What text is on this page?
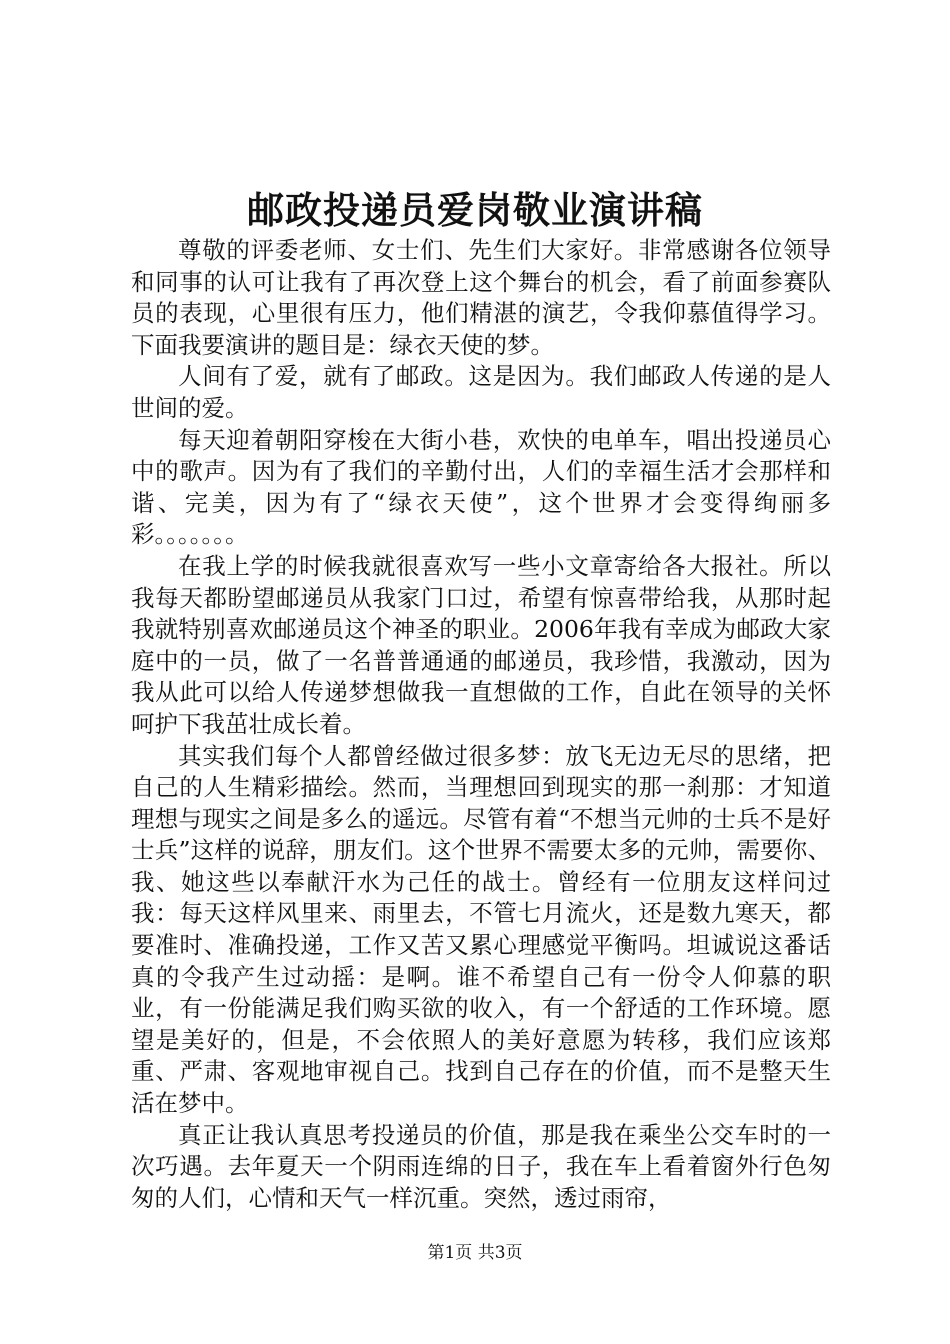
邮政投递员爱岗敬业演讲稿

尊敬的评委老师、女士们、先生们大家好。非常感谢各位领导和同事的认可让我有了再次登上这个舞台的机会，看了前面参赛队员的表现，心里很有压力，他们精湛的演艺，令我仰慕值得学习。下面我要演讲的题目是：绿衣天使的梦。

人间有了爱，就有了邮政。这是因为。我们邮政人传递的是人世间的爱。

每天迎着朝阳穿梭在大街小巷，欢快的电单车，唱出投递员心中的歌声。因为有了我们的辛勤付出，人们的幸福生活才会那样和谐、完美，因为有了“绿衣天使”，这个世界才会变得绚丽多彩。。。。。。。

在我上学的时候我就很喜欢写一些小文章寄给各大报社。所以我每天都盼望邮递员从我家门口过，希望有惊喜带给我，从那时起我就特别喜欢邮递员这个神圣的职业。2006年我有幸成为邮政大家庭中的一员，做了一名普普通通的邮递员，我珍惜，我激动，因为我从此可以给人传递梦想做我一直想做的工作，自此在领导的关怀呵护下我茁壮成长着。

其实我们每个人都曾经做过很多梦：放飞无边无尽的思绪，把自己的人生精彩描绘。然而，当理想回到现实的那一刹那：才知道理想与现实之间是多么的遥远。尽管有着“不想当元帅的士兵不是好士兵”这样的说辞，朋友们。这个世界不需要太多的元帅，需要你、我、她这些以奉献汗水为己任的战士。曾经有一位朋友这样问过我：每天这样风里来、雨里去，不管七月流火，还是数九寒天，都要准时、准确投递，工作又苦又累心理感觉平衡吗。坦诚说这番话真的令我产生过动摇：是啊。谁不希望自己有一份令人仰慕的职业，有一份能满足我们购买欲的收入，有一个舒适的工作环境。愿望是美好的，但是，不会依照人的美好意愿为转移，我们应该郑重、严肃、客观地审视自己。找到自己存在的价值，而不是整天生活在梦中。

真正让我认真思考投递员的价值，那是我在乘坐公交车时的一次巧遇。去年夏天一个阴雨连绵的日子，我在车上看着窗外行色匆匆的人们，心情和天气一样沉重。突然，透过雨帘，

第1页 共3页
